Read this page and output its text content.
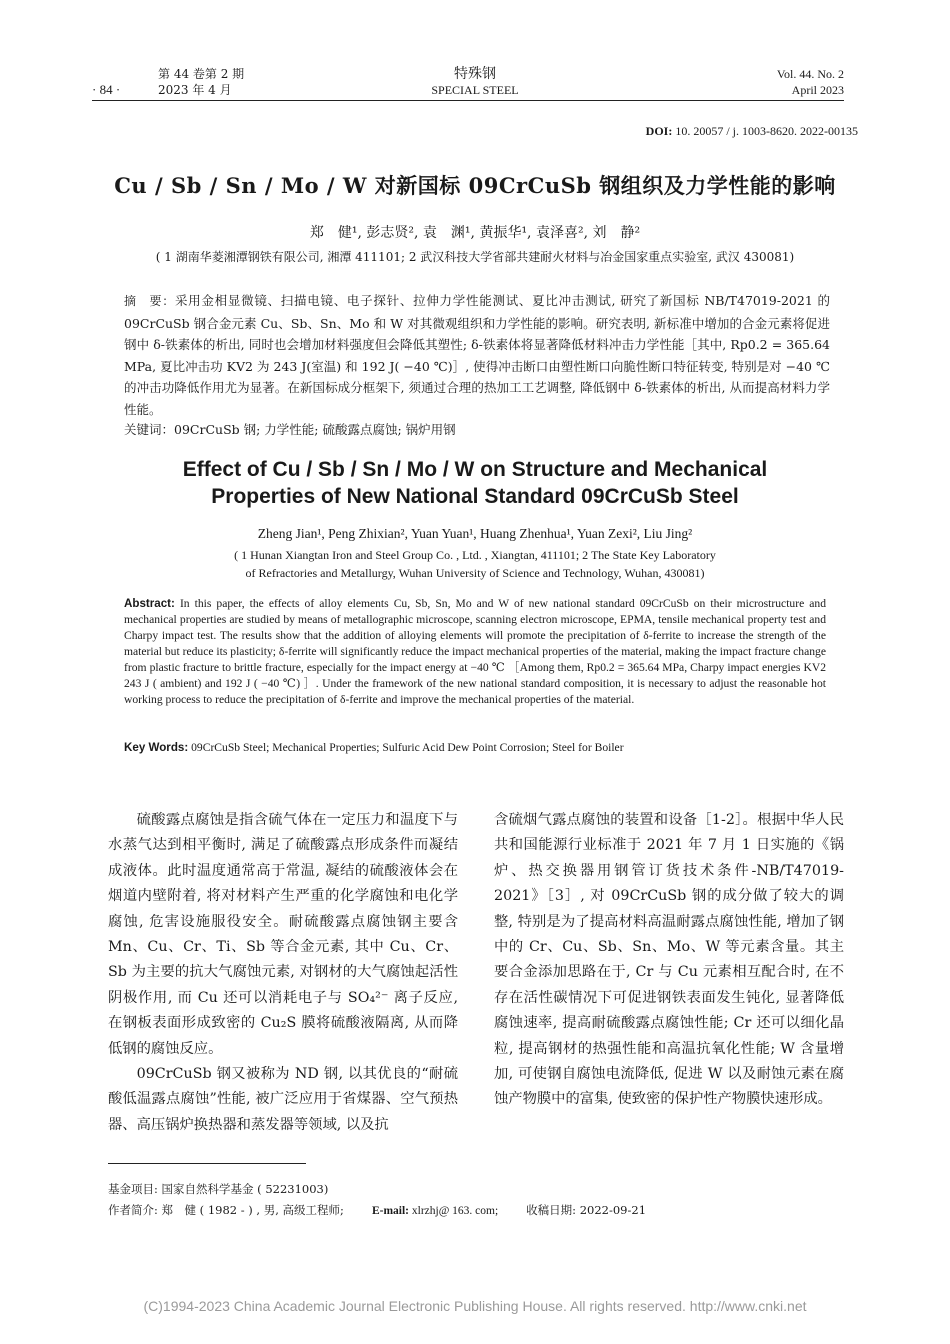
· 84 ·
第 44 卷第 2 期
2023 年 4 月
特殊钢
SPECIAL STEEL
Vol. 44. No. 2
April 2023
DOI: 10. 20057 / j. 1003-8620. 2022-00135
Cu / Sb / Sn / Mo / W 对新国标 09CrCuSb 钢组织及力学性能的影响
郑　健¹, 彭志贤², 袁　渊¹, 黄振华¹, 袁泽喜², 刘　静²
( 1 湖南华菱湘潭钢铁有限公司, 湘潭 411101; 2 武汉科技大学省部共建耐火材料与冶金国家重点实验室, 武汉 430081)
摘　要：采用金相显微镜、扫描电镜、电子探针、拉伸力学性能测试、夏比冲击测试, 研究了新国标 NB/T47019-2021 的 09CrCuSb 钢合金元素 Cu、Sb、Sn、Mo 和 W 对其微观组织和力学性能的影响。研究表明, 新标准中增加的合金元素将促进钢中 δ-铁素体的析出, 同时也会增加材料强度但会降低其塑性; δ-铁素体将显著降低材料冲击力学性能［其中, Rp0.2 = 365.64 MPa, 夏比冲击功 KV2 为 243 J(室温) 和 192 J( −40 ℃)］, 使得冲击断口由塑性断口向脆性断口特征转变, 特别是对 −40 ℃ 的冲击功降低作用尤为显著。在新国标成分框架下, 须通过合理的热加工工艺调整, 降低钢中 δ-铁素体的析出, 从而提高材料力学性能。
关键词：09CrCuSb 钢; 力学性能; 硫酸露点腐蚀; 锅炉用钢
Effect of Cu / Sb / Sn / Mo / W on Structure and Mechanical
Properties of New National Standard 09CrCuSb Steel
Zheng Jian¹, Peng Zhixian², Yuan Yuan¹, Huang Zhenhua¹, Yuan Zexi², Liu Jing²
( 1 Hunan Xiangtan Iron and Steel Group Co. , Ltd. , Xiangtan, 411101; 2 The State Key Laboratory
of Refractories and Metallurgy, Wuhan University of Science and Technology, Wuhan, 430081)
Abstract: In this paper, the effects of alloy elements Cu, Sb, Sn, Mo and W of new national standard 09CrCuSb on their microstructure and mechanical properties are studied by means of metallographic microscope, scanning electron microscope, EPMA, tensile mechanical property test and Charpy impact test. The results show that the addition of alloying elements will promote the precipitation of δ-ferrite to increase the strength of the material but reduce its plasticity; δ-ferrite will significantly reduce the impact mechanical properties of the material, making the impact fracture change from plastic fracture to brittle fracture, especially for the impact energy at −40 ℃ ［Among them, Rp0.2 = 365.64 MPa, Charpy impact energies KV2 243 J ( ambient) and 192 J ( −40 ℃) ］. Under the framework of the new national standard composition, it is necessary to adjust the reasonable hot working process to reduce the precipitation of δ-ferrite and improve the mechanical properties of the material.
Key Words: 09CrCuSb Steel; Mechanical Properties; Sulfuric Acid Dew Point Corrosion; Steel for Boiler

硫酸露点腐蚀是指含硫气体在一定压力和温度下与水蒸气达到相平衡时, 满足了硫酸露点形成条件而凝结成液体。此时温度通常高于常温, 凝结的硫酸液体会在烟道内壁附着, 将对材料产生严重的化学腐蚀和电化学腐蚀, 危害设施服役安全。耐硫酸露点腐蚀钢主要含 Mn、Cu、Cr、Ti、Sb 等合金元素, 其中 Cu、Cr、Sb 为主要的抗大气腐蚀元素, 对钢材的大气腐蚀起活性阴极作用, 而 Cu 还可以消耗电子与 SO₄²⁻ 离子反应, 在钢板表面形成致密的 Cu₂S 膜将硫酸液隔离, 从而降低钢的腐蚀反应。

09CrCuSb 钢又被称为 ND 钢, 以其优良的“耐硫酸低温露点腐蚀”性能, 被广泛应用于省煤器、空气预热器、高压锅炉换热器和蒸发器等领域, 以及抗

含硫烟气露点腐蚀的装置和设备［1-2］。根据中华人民共和国能源行业标准于 2021 年 7 月 1 日实施的《锅炉、热交换器用钢管订货技术条件-NB/T47019-2021》［3］, 对 09CrCuSb 钢的成分做了较大的调整, 特别是为了提高材料高温耐露点腐蚀性能, 增加了钢中的 Cr、Cu、Sb、Sn、Mo、W 等元素含量。其主要合金添加思路在于, Cr 与 Cu 元素相互配合时, 在不存在活性碳情况下可促进钢铁表面发生钝化, 显著降低腐蚀速率, 提高耐硫酸露点腐蚀性能; Cr 还可以细化晶粒, 提高钢材的热强性能和高温抗氧化性能; W 含量增加, 可使钢自腐蚀电流降低, 促进 W 以及耐蚀元素在腐蚀产物膜中的富集, 使致密的保护性产物膜快速形成。

基金项目: 国家自然科学基金 ( 52231003)
作者简介: 郑　健 ( 1982 - ) , 男, 高级工程师; E-mail: xlrzhj@ 163. com; 收稿日期: 2022-09-21
(C)1994-2023 China Academic Journal Electronic Publishing House. All rights reserved. http://www.cnki.net
